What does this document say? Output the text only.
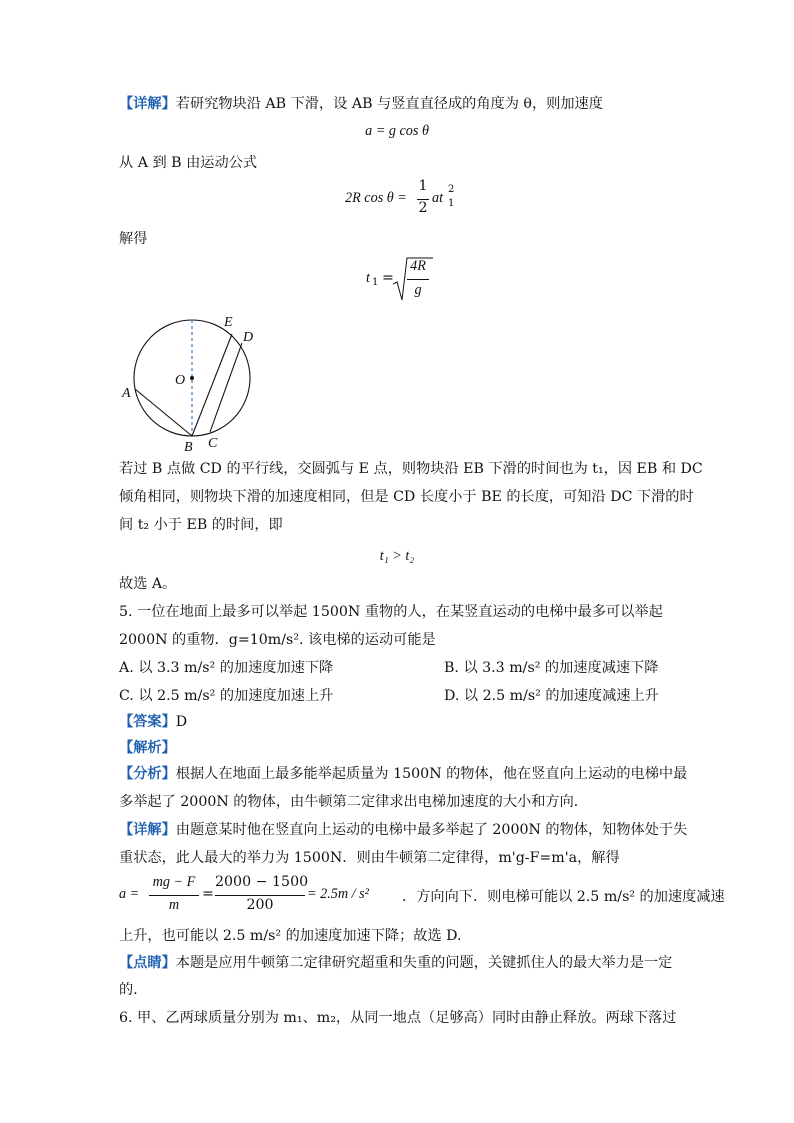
【详解】若研究物块沿 AB 下滑，设 AB 与竖直直径成的角度为 θ，则加速度
a = g cos θ
从 A 到 B 由运动公式
2R cos θ =
1
2
at
2
1
解得
t 1 =
4R
g
E
D
O
A
B C
若过 B 点做 CD 的平行线，交圆弧与 E 点，则物块沿 EB 下滑的时间也为 t₁，因 EB 和 DC
倾角相同，则物块下滑的加速度相同，但是 CD 长度小于 BE 的长度，可知沿 DC 下滑的时
间 t₂ 小于 EB 的时间，即
t₁ > t₂
故选 A。
5. 一位在地面上最多可以举起 1500N 重物的人，在某竖直运动的电梯中最多可以举起
2000N 的重物．g=10m/s². 该电梯的运动可能是
A. 以 3.3 m/s² 的加速度加速下降	B. 以 3.3 m/s² 的加速度减速下降
C. 以 2.5 m/s² 的加速度加速上升	D. 以 2.5 m/s² 的加速度减速上升
【答案】D
【解析】
【分析】根据人在地面上最多能举起质量为 1500N 的物体，他在竖直向上运动的电梯中最
多举起了 2000N 的物体，由牛顿第二定律求出电梯加速度的大小和方向．
【详解】由题意某时他在竖直向上运动的电梯中最多举起了 2000N 的物体，知物体处于失
重状态，此人最大的举力为 1500N．则由牛顿第二定律得，m'g-F=m'a，解得
a =
mg − F
m
=
2000 − 1500
200
= 2.5m / s² ．方向向下．则电梯可能以 2.5 m/s² 的加速度减速
上升，也可能以 2.5 m/s² 的加速度加速下降；故选 D.
【点睛】本题是应用牛顿第二定律研究超重和失重的问题，关键抓住人的最大举力是一定
的．
6. 甲、乙两球质量分别为 m₁、m₂，从同一地点（足够高）同时由静止释放。两球下落过
